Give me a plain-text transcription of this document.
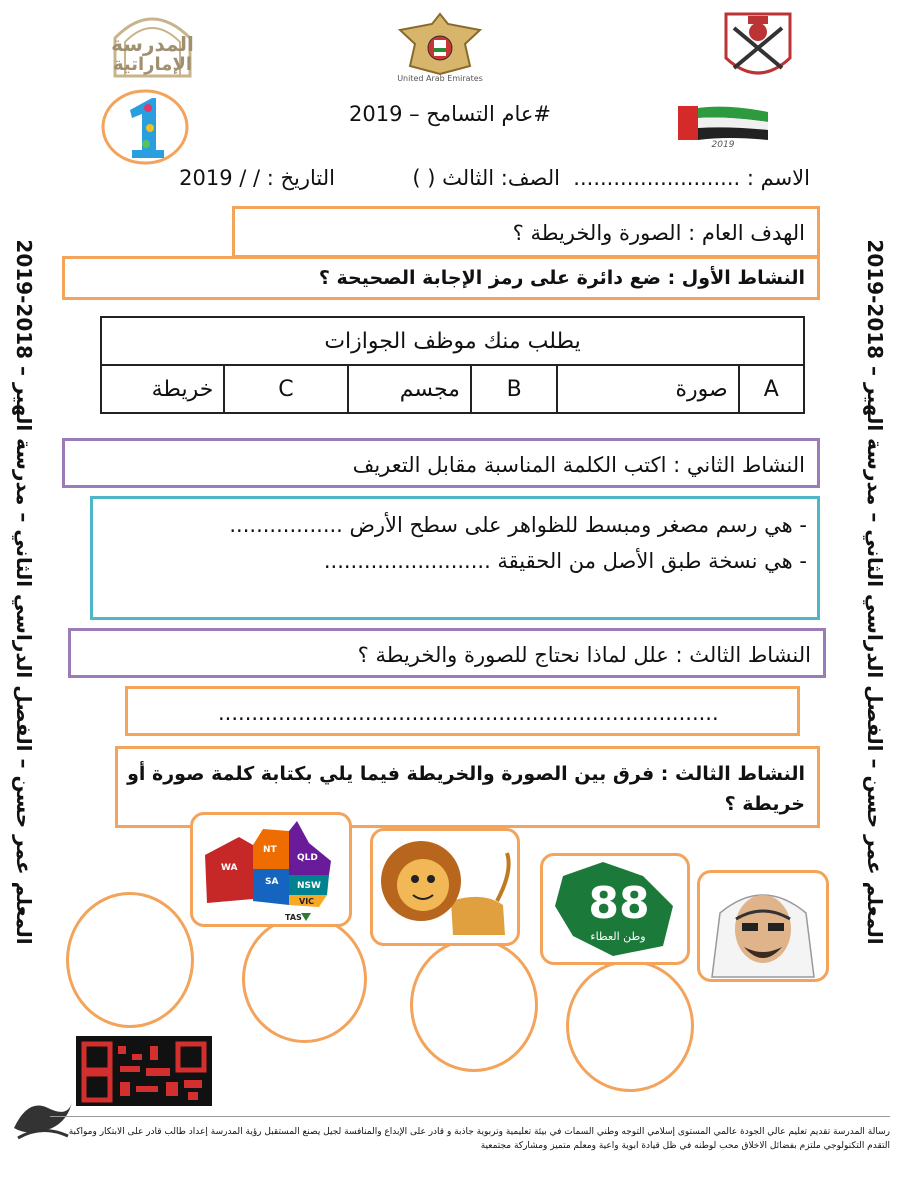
المعلم عمر حسن – الفصل الدراسي الثاني – مدرسة الهير – 2018-2019
المعلم عمر حسن – الفصل الدراسي الثاني – مدرسة الهير – 2018-2019
المدرسة
الإماراتية
United Arab Emirates
#عام التسامح – 2019
2019
الاسم : .........................
الصف: الثالث ( )
التاريخ : / / 2019
الهدف العام : الصورة والخريطة ؟
النشاط الأول : ضع دائرة على رمز الإجابة الصحيحة ؟
يطلب منك موظف الجوازات
A	صورة	B	مجسم	C	خريطة
النشاط الثاني : اكتب الكلمة المناسبة مقابل التعريف
- هي رسم مصغر ومبسط للظواهر على سطح الأرض .................
- هي نسخة طبق الأصل من الحقيقة .........................
النشاط الثالث : علل لماذا نحتاج للصورة والخريطة ؟
...........................................................................
النشاط الثالث : فرق بين الصورة والخريطة فيما يلي بكتابة كلمة صورة أو خريطة ؟
WA
NT
QLD
SA NSW
VIC
TAS	88
وطن العطاء
رسالة المدرسة تقديم تعليم عالي الجودة عالمي المستوى إسلامي التوجه وطني السمات في بيئة تعليمية وتربوية جاذبة و قادر على الإبداع والمنافسة لجيل يصنع المستقبل رؤية المدرسة إعداد طالب قادر على الابتكار ومواكبة التقدم التكنولوجي ملتزم بفضائل الاخلاق محب لوطنه في ظل قيادة ابوية واعية ومعلم متميز ومشاركة مجتمعية
